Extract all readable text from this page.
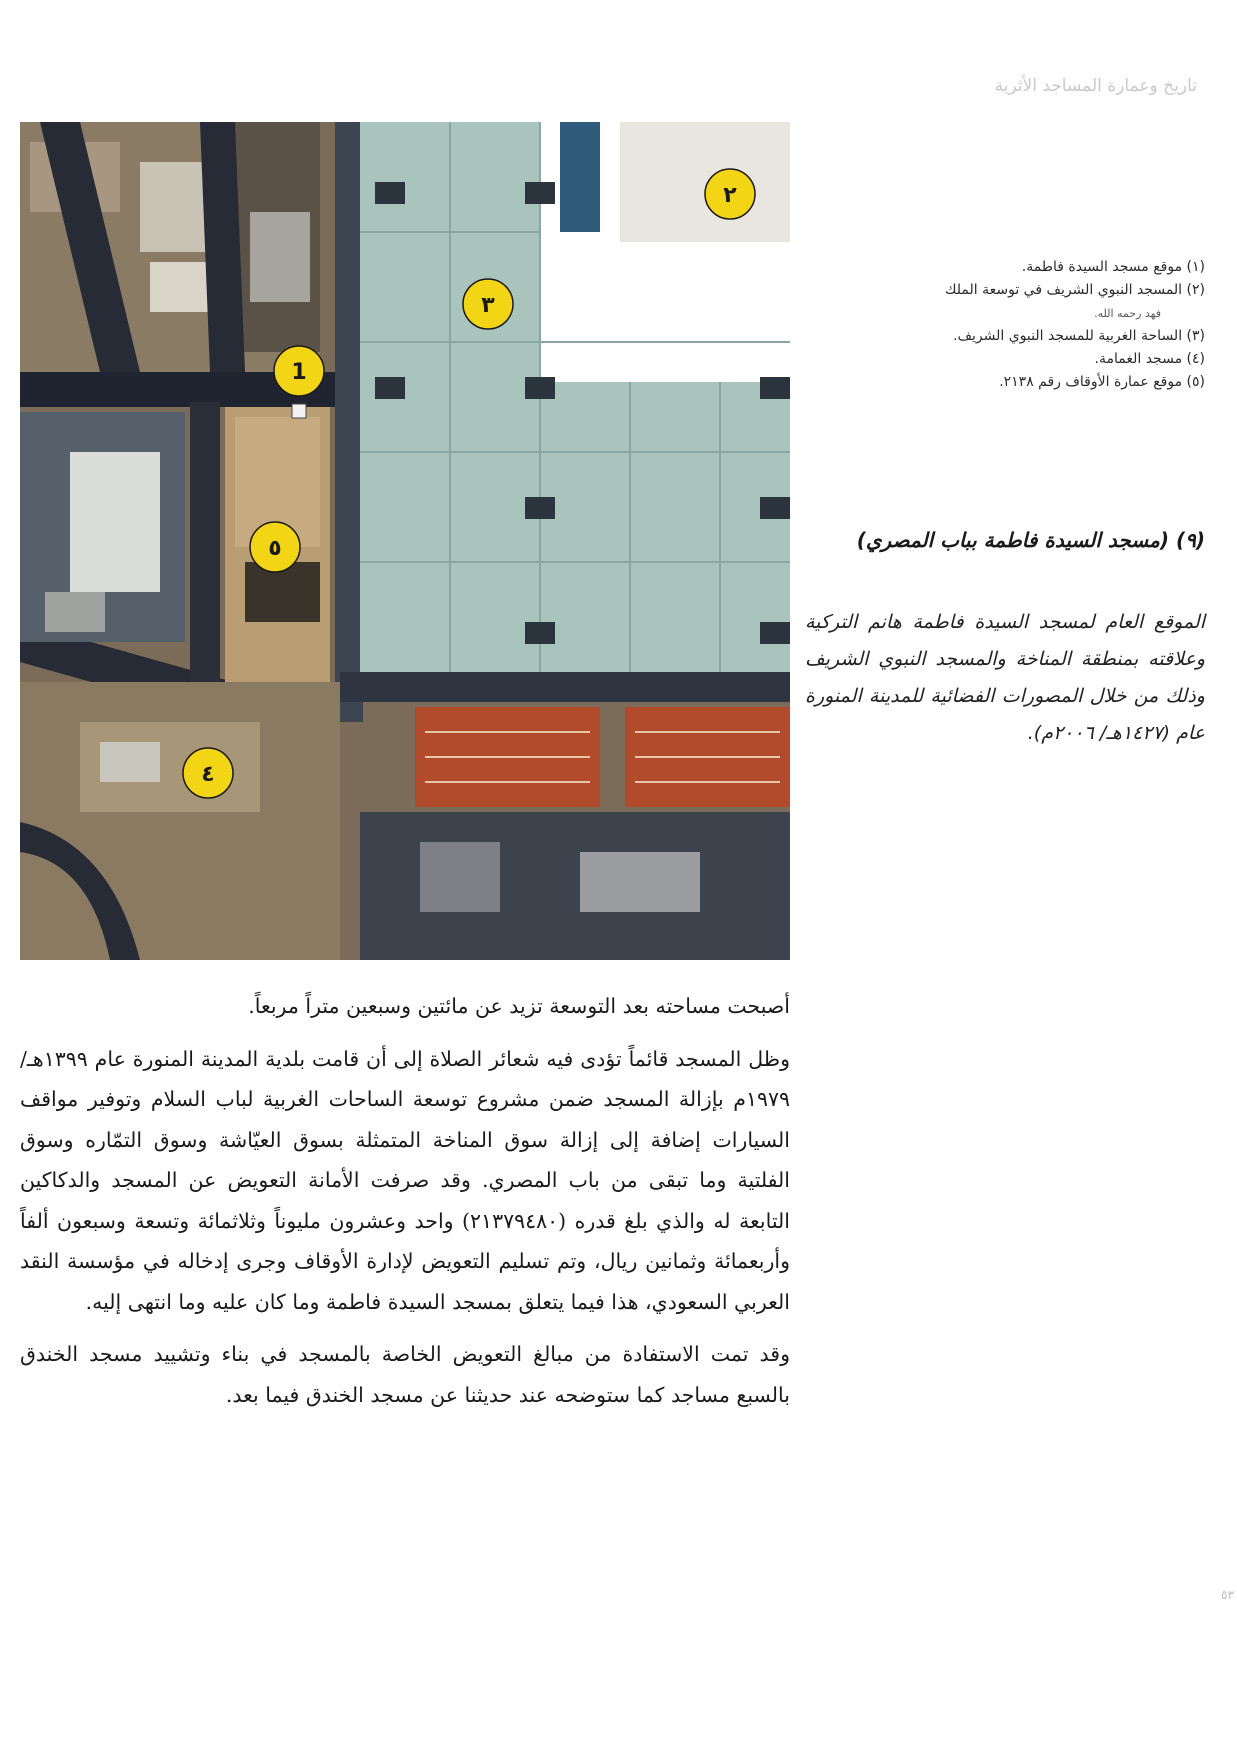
تاريخ وعمارة المساجد الأثرية
1
٢
٣
٤
٥
(١) موقع مسجد السيدة فاطمة.
(٢) المسجد النبوي الشريف في توسعة الملك
فهد رحمه الله.
(٣) الساحة الغربية للمسجد النبوي الشريف.
(٤) مسجد الغمامة.
(٥) موقع عمارة الأوقاف رقم ٢١٣٨.
(٩) (مسجد السيدة فاطمة بباب المصري)
الموقع العام لمسجد السيدة فاطمة هانم التركية وعلاقته بمنطقة المناخة والمسجد النبوي الشريف وذلك من خلال المصورات الفضائية للمدينة المنورة عام (١٤٢٧هـ/ ٢٠٠٦م).

أصبحت مساحته بعد التوسعة تزيد عن مائتين وسبعين متراً مربعاً.

وظل المسجد قائماً تؤدى فيه شعائر الصلاة إلى أن قامت بلدية المدينة المنورة عام ١٣٩٩هـ/ ١٩٧٩م بإزالة المسجد ضمن مشروع توسعة الساحات الغربية لباب السلام وتوفير مواقف السيارات إضافة إلى إزالة سوق المناخة المتمثلة بسوق العيّاشة وسوق التمّاره وسوق الفلتية وما تبقى من باب المصري. وقد صرفت الأمانة التعويض عن المسجد والدكاكين التابعة له والذي بلغ قدره (٢١٣٧٩٤٨٠) واحد وعشرون مليوناً وثلاثمائة وتسعة وسبعون ألفاً وأربعمائة وثمانين ريال، وتم تسليم التعويض لإدارة الأوقاف وجرى إدخاله في مؤسسة النقد العربي السعودي، هذا فيما يتعلق بمسجد السيدة فاطمة وما كان عليه وما انتهى إليه.

وقد تمت الاستفادة من مبالغ التعويض الخاصة بالمسجد في بناء وتشييد مسجد الخندق بالسبع مساجد كما ستوضحه عند حديثنا عن مسجد الخندق فيما بعد.

٥٣
